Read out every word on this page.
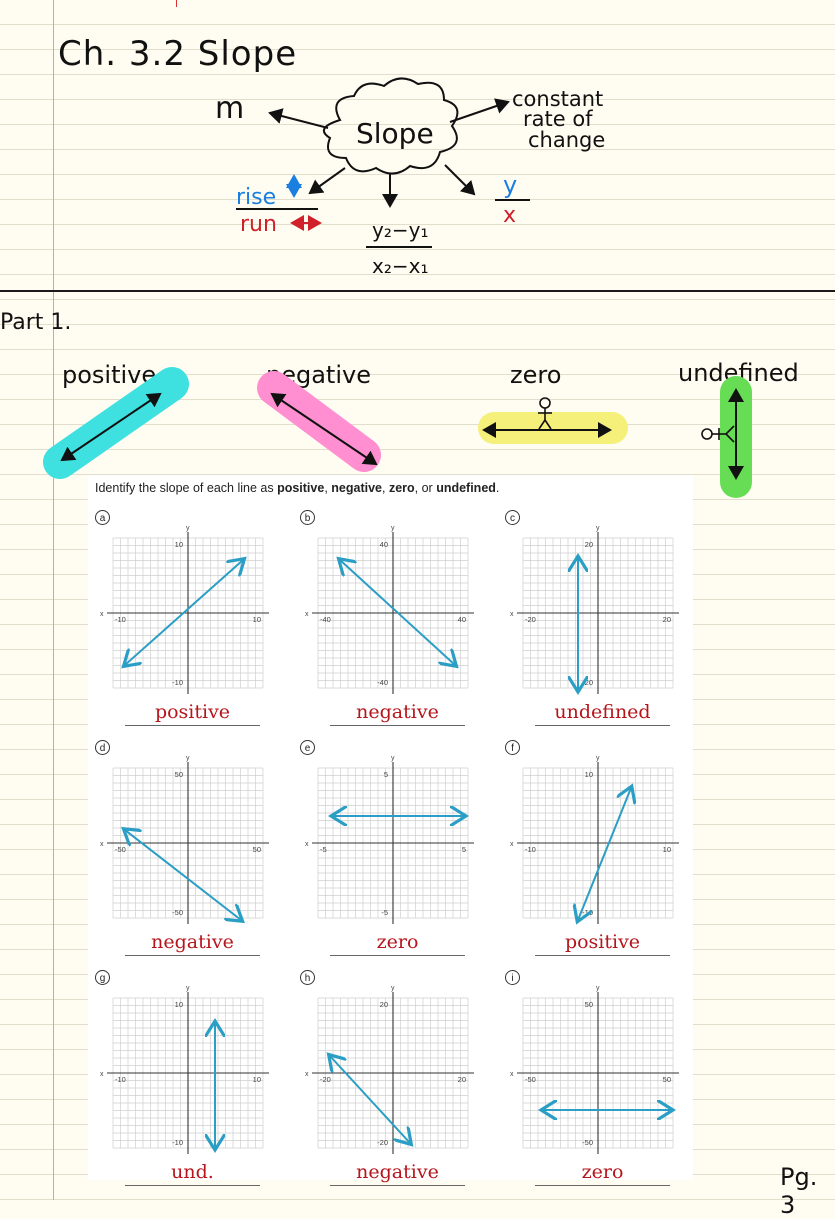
Ch. 3.2 Slope
Part 1.
Pg. 3
Slope
m	constant
rate of
change
rise
run	y₂−y₁
x₂−x₁
y
x
positive	negative	zero	undefined
Identify the slope of each line as positive, negative, zero, or undefined.
a
-10	10
10
-10
x
y
positive
b
-40	40
40
-40
x
y
negative
c
-20	20
20
-20
x
y
undefined
d
-50	50
50
-50
x
y
negative
e
-5	5
5
-5
x
y
zero
f
-10	10
10
-10
x
y
positive
g
-10	10
10
-10
x
y
und.
h
-20	20
20
-20
x
y
negative
i
-50	50
50
-50
x
y
zero
